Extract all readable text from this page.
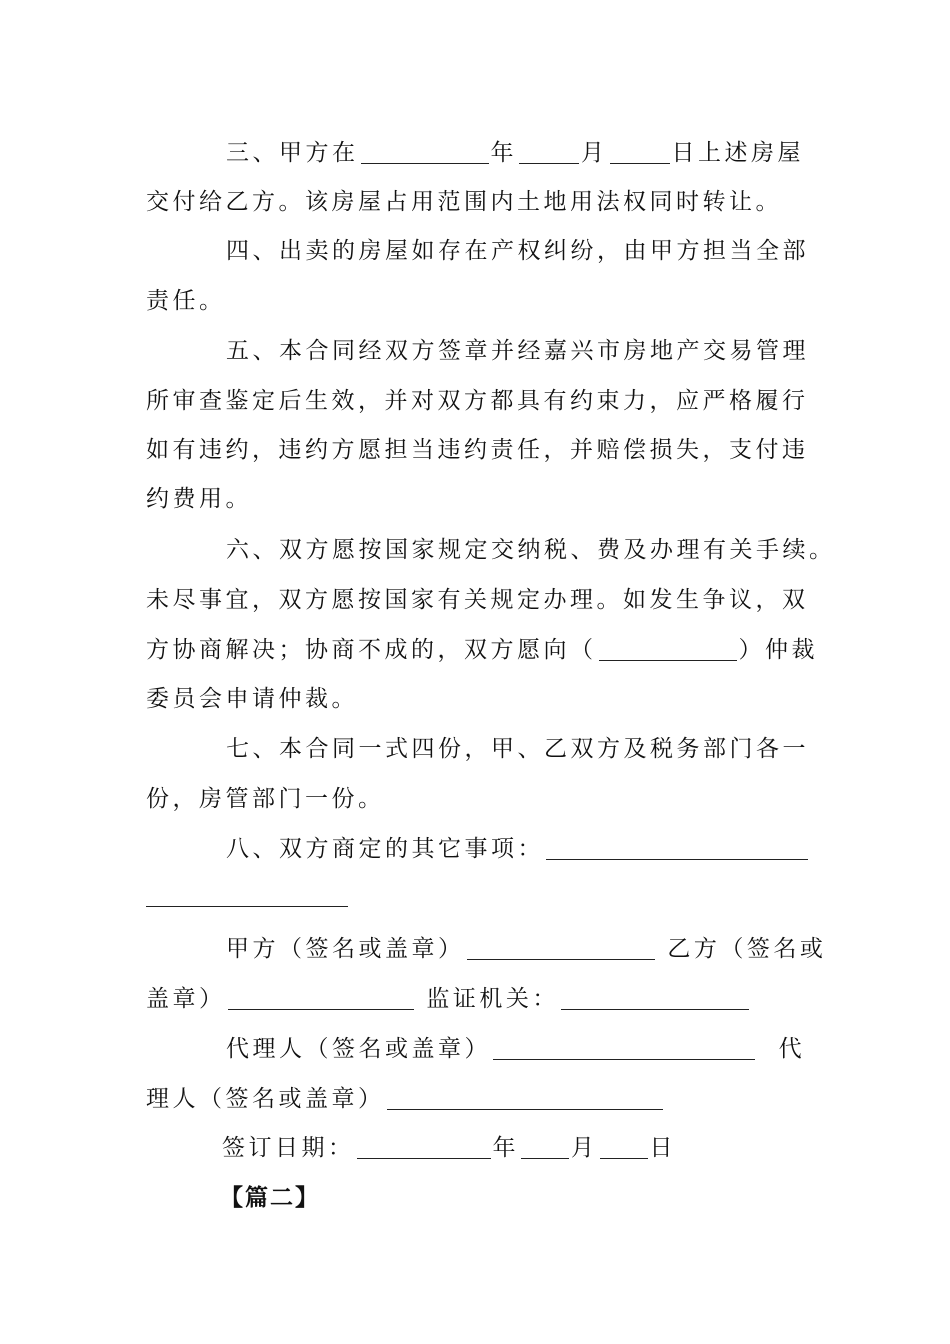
三、甲方在	年	月	日上述房屋
交付给乙方。该房屋占用范围内土地用法权同时转让。
四、出卖的房屋如存在产权纠纷，由甲方担当全部
责任。
五、本合同经双方签章并经嘉兴市房地产交易管理
所审查鉴定后生效，并对双方都具有约束力，应严格履行
如有违约，违约方愿担当违约责任，并赔偿损失，支付违
约费用。
六、双方愿按国家规定交纳税、费及办理有关手续。
未尽事宜，双方愿按国家有关规定办理。如发生争议，双
方协商解决；协商不成的，双方愿向（	）仲裁
委员会申请仲裁。
七、本合同一式四份，甲、乙双方及税务部门各一
份，房管部门一份。
八、双方商定的其它事项：
甲方（签名或盖章）	乙方（签名或
盖章）	监证机关：
代理人（签名或盖章）	代
理人（签名或盖章）
签订日期：	年 月 日
【篇二】
